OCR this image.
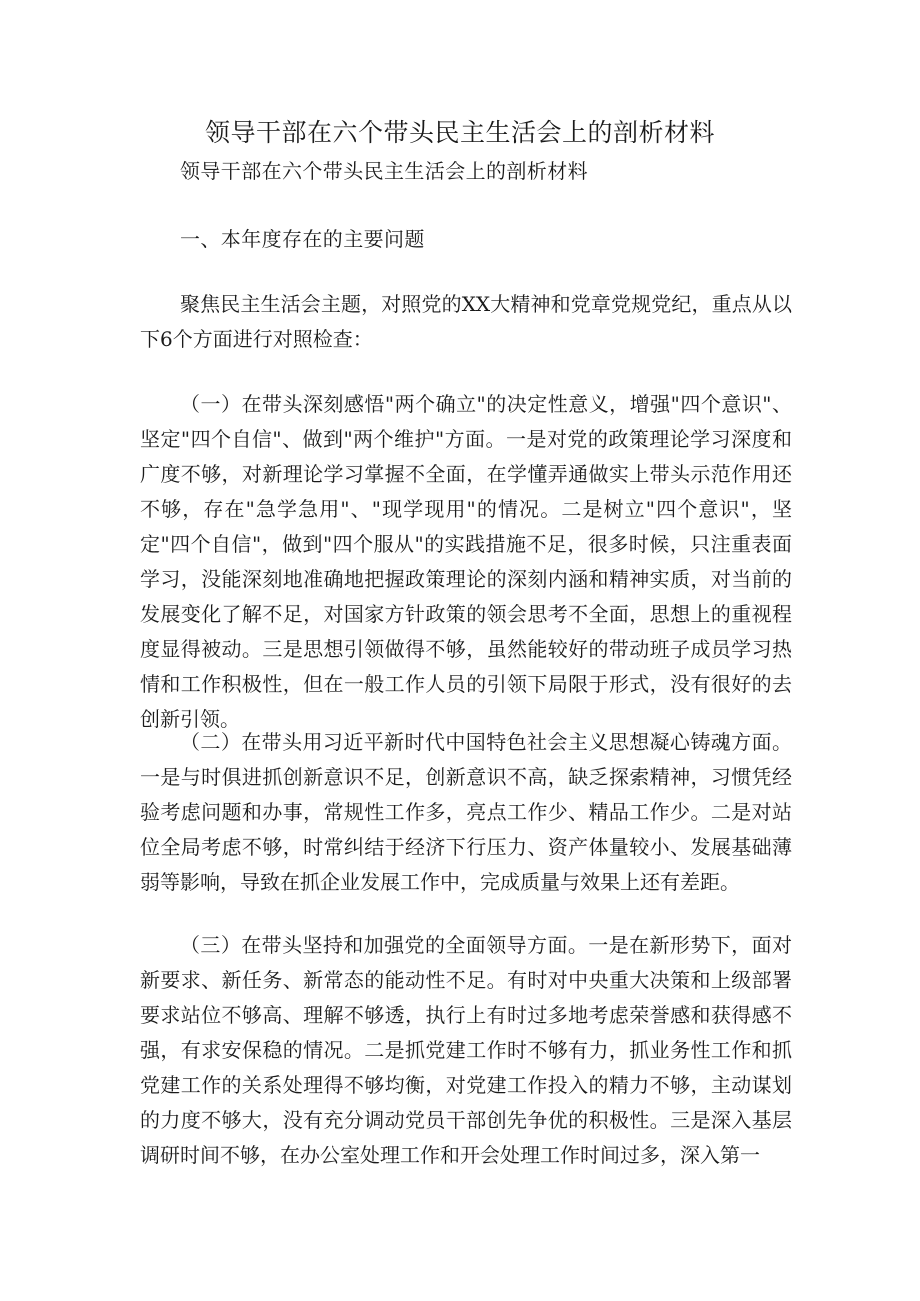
领导干部在六个带头民主生活会上的剖析材料

领导干部在六个带头民主生活会上的剖析材料

一、本年度存在的主要问题

聚焦民主生活会主题，对照党的XX大精神和党章党规党纪，重点从以下6个方面进行对照检查：

（一）在带头深刻感悟"两个确立"的决定性意义，增强"四个意识"、坚定"四个自信"、做到"两个维护"方面。一是对党的政策理论学习深度和广度不够，对新理论学习掌握不全面，在学懂弄通做实上带头示范作用还不够，存在"急学急用"、"现学现用"的情况。二是树立"四个意识"，坚定"四个自信"，做到"四个服从"的实践措施不足，很多时候，只注重表面学习，没能深刻地准确地把握政策理论的深刻内涵和精神实质，对当前的发展变化了解不足，对国家方针政策的领会思考不全面，思想上的重视程度显得被动。三是思想引领做得不够，虽然能较好的带动班子成员学习热情和工作积极性，但在一般工作人员的引领下局限于形式，没有很好的去创新引领。

（二）在带头用习近平新时代中国特色社会主义思想凝心铸魂方面。一是与时俱进抓创新意识不足，创新意识不高，缺乏探索精神，习惯凭经验考虑问题和办事，常规性工作多，亮点工作少、精品工作少。二是对站位全局考虑不够，时常纠结于经济下行压力、资产体量较小、发展基础薄弱等影响，导致在抓企业发展工作中，完成质量与效果上还有差距。

（三）在带头坚持和加强党的全面领导方面。一是在新形势下，面对新要求、新任务、新常态的能动性不足。有时对中央重大决策和上级部署要求站位不够高、理解不够透，执行上有时过多地考虑荣誉感和获得感不强，有求安保稳的情况。二是抓党建工作时不够有力，抓业务性工作和抓党建工作的关系处理得不够均衡，对党建工作投入的精力不够，主动谋划的力度不够大，没有充分调动党员干部创先争优的积极性。三是深入基层调研时间不够，在办公室处理工作和开会处理工作时间过多，深入第一
